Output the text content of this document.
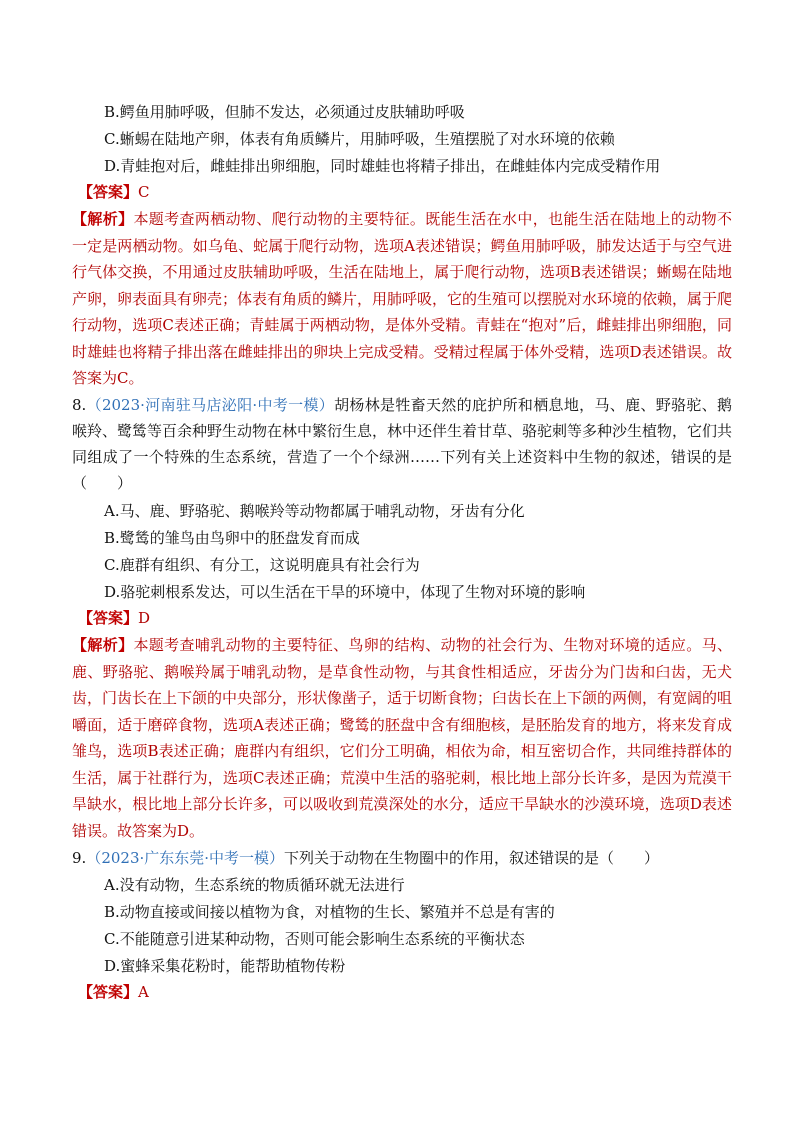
B.鳄鱼用肺呼吸，但肺不发达，必须通过皮肤辅助呼吸
C.蜥蜴在陆地产卵，体表有角质鳞片，用肺呼吸，生殖摆脱了对水环境的依赖
D.青蛙抱对后，雌蛙排出卵细胞，同时雄蛙也将精子排出，在雌蛙体内完成受精作用
【答案】C
【解析】本题考查两栖动物、爬行动物的主要特征。既能生活在水中，也能生活在陆地上的动物不一定是两栖动物。如乌龟、蛇属于爬行动物，选项A表述错误；鳄鱼用肺呼吸，肺发达适于与空气进行气体交换，不用通过皮肤辅助呼吸，生活在陆地上，属于爬行动物，选项B表述错误；蜥蜴在陆地产卵，卵表面具有卵壳；体表有角质的鳞片，用肺呼吸，它的生殖可以摆脱对水环境的依赖，属于爬行动物，选项C表述正确；青蛙属于两栖动物，是体外受精。青蛙在“抱对”后，雌蛙排出卵细胞，同时雄蛙也将精子排出落在雌蛙排出的卵块上完成受精。受精过程属于体外受精，选项D表述错误。故答案为C。
8.（2023·河南驻马店泌阳·中考一模）胡杨林是牲畜天然的庇护所和栖息地，马、鹿、野骆驼、鹅喉羚、鹭鸶等百余种野生动物在林中繁衍生息，林中还伴生着甘草、骆驼刺等多种沙生植物，它们共同组成了一个特殊的生态系统，营造了一个个绿洲……下列有关上述资料中生物的叙述，错误的是（　　）
A.马、鹿、野骆驼、鹅喉羚等动物都属于哺乳动物，牙齿有分化
B.鹭鸶的雏鸟由鸟卵中的胚盘发育而成
C.鹿群有组织、有分工，这说明鹿具有社会行为
D.骆驼刺根系发达，可以生活在干旱的环境中，体现了生物对环境的影响
【答案】D
【解析】本题考查哺乳动物的主要特征、鸟卵的结构、动物的社会行为、生物对环境的适应。马、鹿、野骆驼、鹅喉羚属于哺乳动物，是草食性动物，与其食性相适应，牙齿分为门齿和臼齿，无犬齿，门齿长在上下颌的中央部分，形状像凿子，适于切断食物；臼齿长在上下颌的两侧，有宽阔的咀嚼面，适于磨碎食物，选项A表述正确；鹭鸶的胚盘中含有细胞核，是胚胎发育的地方，将来发育成雏鸟，选项B表述正确；鹿群内有组织，它们分工明确，相依为命，相互密切合作，共同维持群体的生活，属于社群行为，选项C表述正确；荒漠中生活的骆驼刺，根比地上部分长许多，是因为荒漠干旱缺水，根比地上部分长许多，可以吸收到荒漠深处的水分，适应干旱缺水的沙漠环境，选项D表述错误。故答案为D。
9.（2023·广东东莞·中考一模）下列关于动物在生物圈中的作用，叙述错误的是（　　）
A.没有动物，生态系统的物质循环就无法进行
B.动物直接或间接以植物为食，对植物的生长、繁殖并不总是有害的
C.不能随意引进某种动物，否则可能会影响生态系统的平衡状态
D.蜜蜂采集花粉时，能帮助植物传粉
【答案】A
